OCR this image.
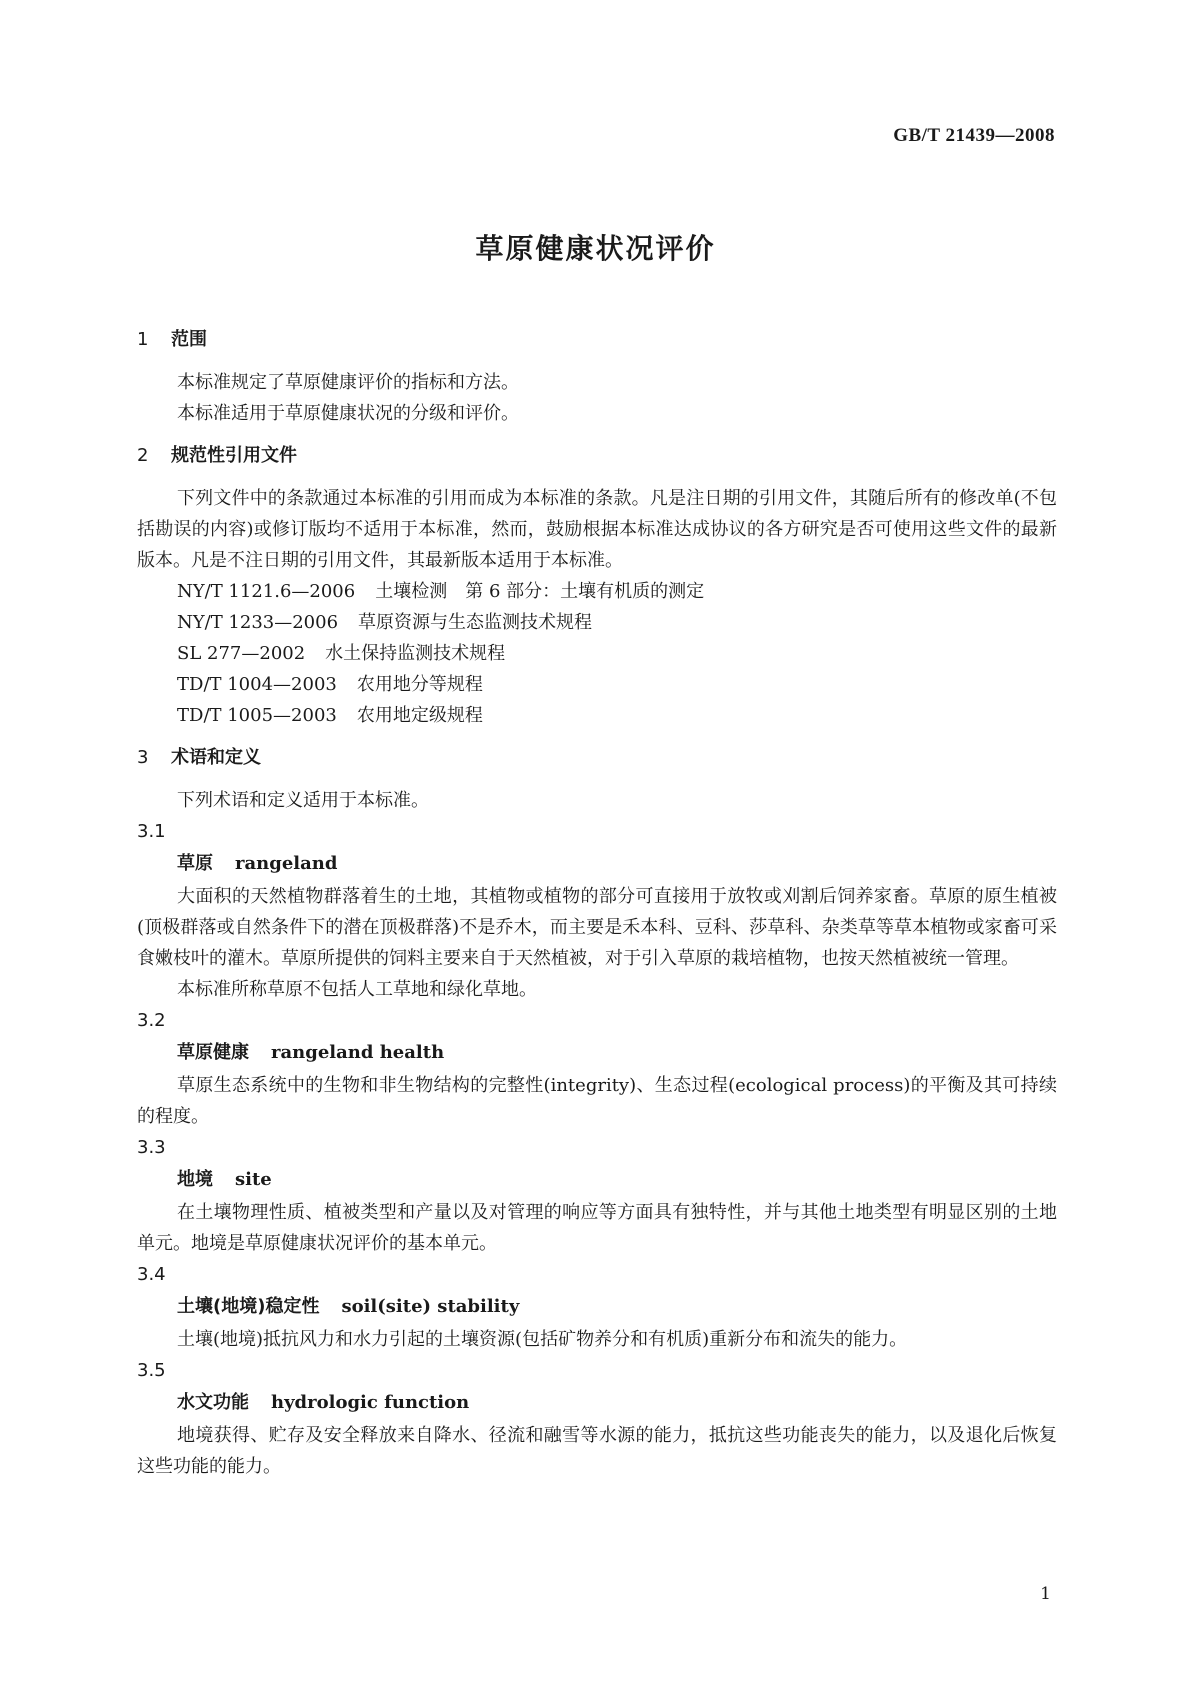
GB/T 21439—2008
草原健康状况评价
1 范围

本标准规定了草原健康评价的指标和方法。

本标准适用于草原健康状况的分级和评价。

2 规范性引用文件

下列文件中的条款通过本标准的引用而成为本标准的条款。凡是注日期的引用文件，其随后所有的修改单(不包括勘误的内容)或修订版均不适用于本标准，然而，鼓励根据本标准达成协议的各方研究是否可使用这些文件的最新版本。凡是不注日期的引用文件，其最新版本适用于本标准。

NY/T 1121.6—2006 土壤检测　第 6 部分：土壤有机质的测定

NY/T 1233—2006 草原资源与生态监测技术规程

SL 277—2002 水土保持监测技术规程

TD/T 1004—2003 农用地分等规程

TD/T 1005—2003 农用地定级规程

3 术语和定义

下列术语和定义适用于本标准。

3.1

草原 rangeland

大面积的天然植物群落着生的土地，其植物或植物的部分可直接用于放牧或刈割后饲养家畜。草原的原生植被(顶极群落或自然条件下的潜在顶极群落)不是乔木，而主要是禾本科、豆科、莎草科、杂类草等草本植物或家畜可采食嫩枝叶的灌木。草原所提供的饲料主要来自于天然植被，对于引入草原的栽培植物，也按天然植被统一管理。

本标准所称草原不包括人工草地和绿化草地。

3.2

草原健康 rangeland health

草原生态系统中的生物和非生物结构的完整性(integrity)、生态过程(ecological process)的平衡及其可持续的程度。

3.3

地境 site

在土壤物理性质、植被类型和产量以及对管理的响应等方面具有独特性，并与其他土地类型有明显区别的土地单元。地境是草原健康状况评价的基本单元。

3.4

土壤(地境)稳定性 soil(site) stability

土壤(地境)抵抗风力和水力引起的土壤资源(包括矿物养分和有机质)重新分布和流失的能力。

3.5

水文功能 hydrologic function

地境获得、贮存及安全释放来自降水、径流和融雪等水源的能力，抵抗这些功能丧失的能力，以及退化后恢复这些功能的能力。

1
